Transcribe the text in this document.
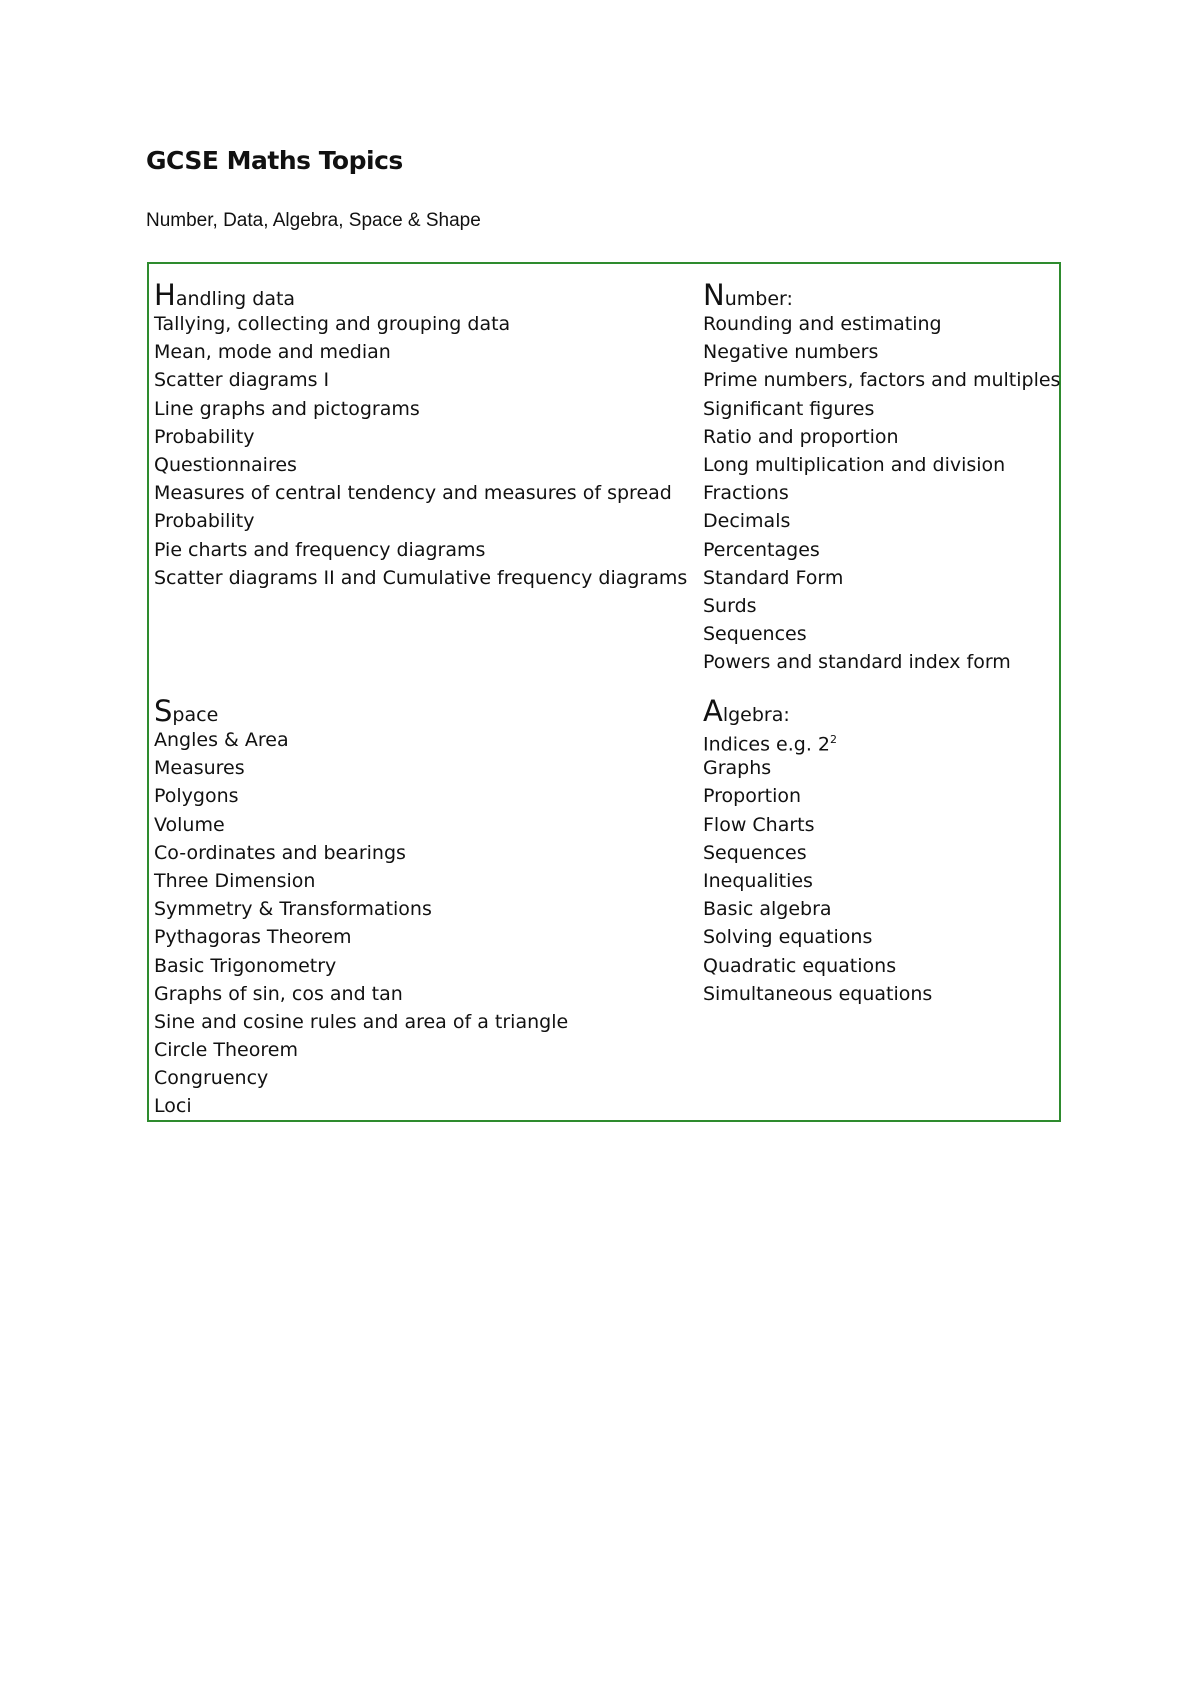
GCSE Maths Topics
Number, Data, Algebra, Space & Shape
Handling data
Tallying, collecting and grouping data
Mean, mode and median
Scatter diagrams I
Line graphs and pictograms
Probability
Questionnaires
Measures of central tendency and measures of spread
Probability
Pie charts and frequency diagrams
Scatter diagrams II and Cumulative frequency diagrams
Number:
Rounding and estimating
Negative numbers
Prime numbers, factors and multiples
Significant figures
Ratio and proportion
Long multiplication and division
Fractions
Decimals
Percentages
Standard Form
Surds
Sequences
Powers and standard index form
Space
Angles & Area
Measures
Polygons
Volume
Co-ordinates and bearings
Three Dimension
Symmetry & Transformations
Pythagoras Theorem
Basic Trigonometry
Graphs of sin, cos and tan
Sine and cosine rules and area of a triangle
Circle Theorem
Congruency
Loci
Algebra:
Indices e.g. $2^2$
Graphs
Proportion
Flow Charts
Sequences
Inequalities
Basic algebra
Solving equations
Quadratic equations
Simultaneous equations
